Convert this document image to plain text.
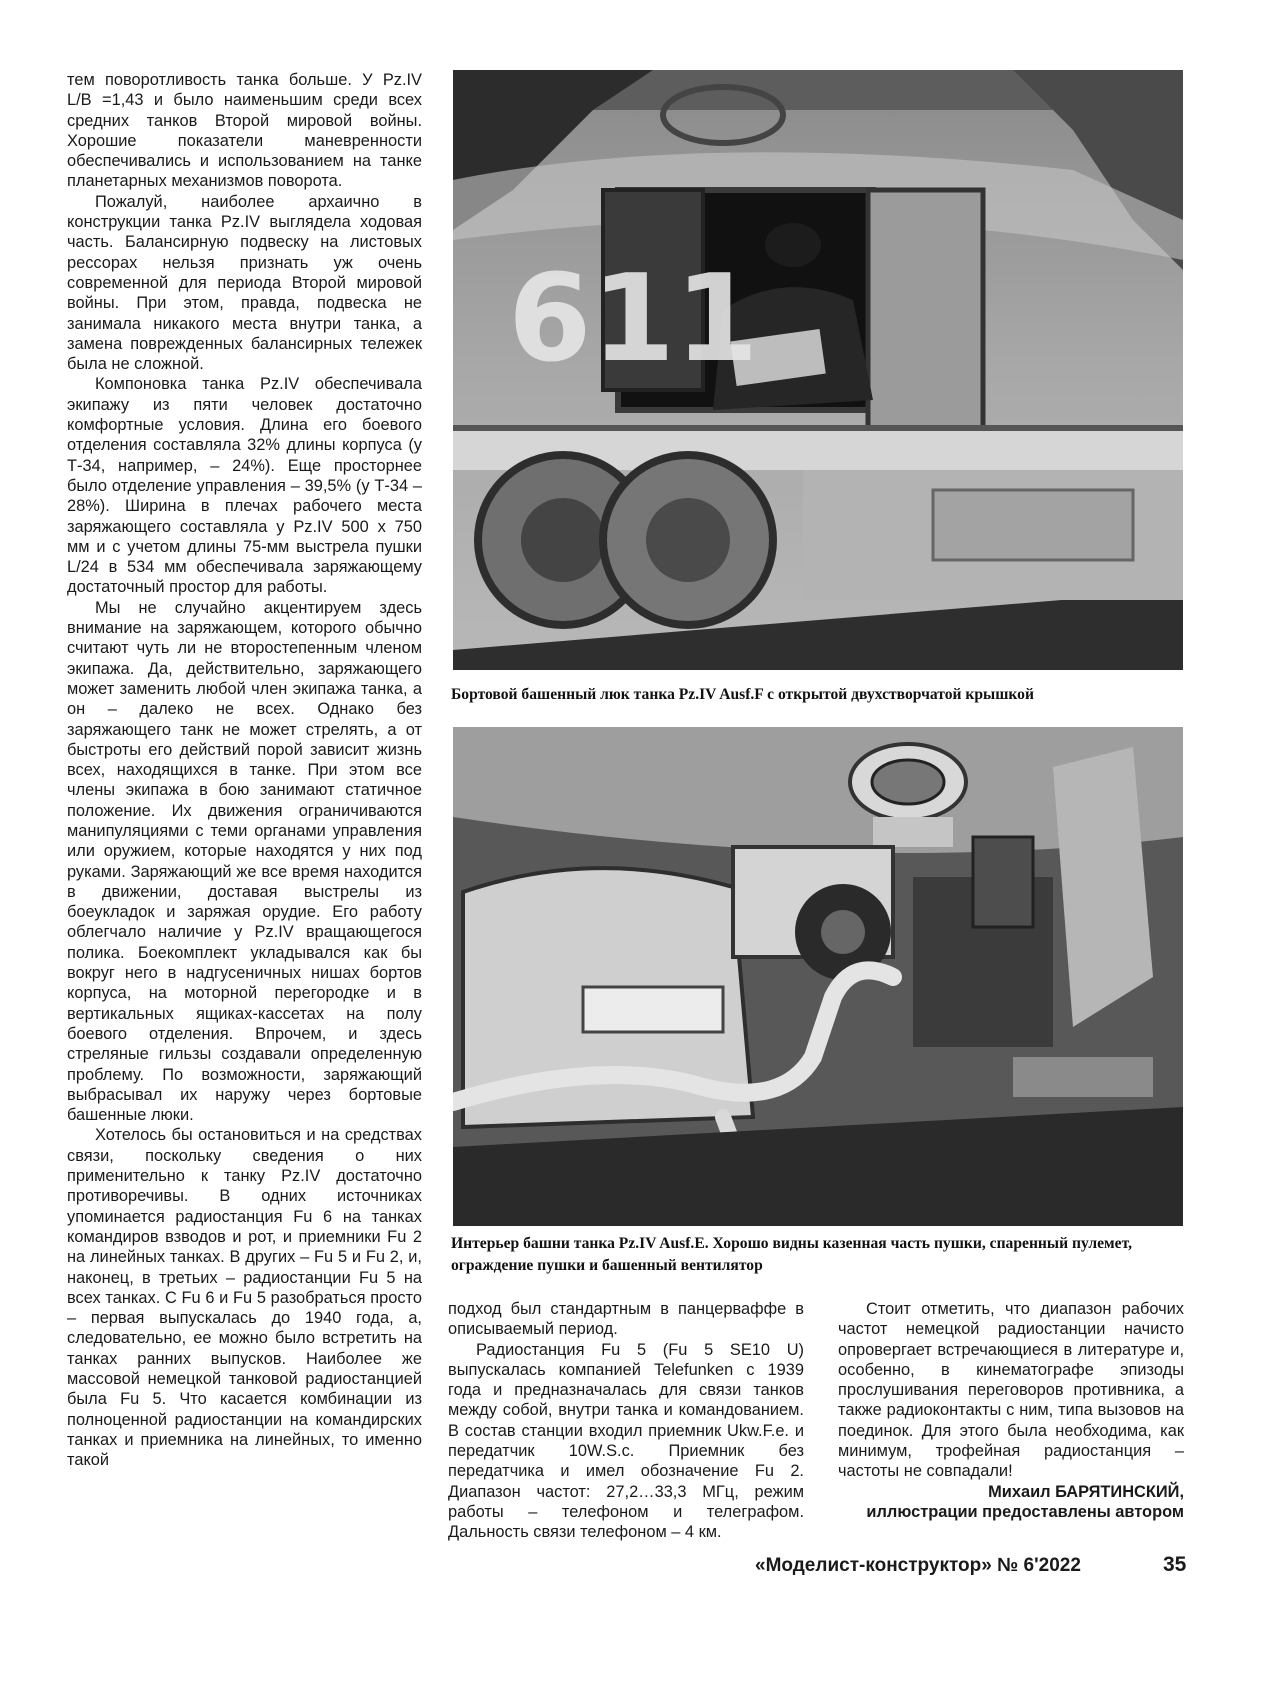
тем поворотливость танка больше. У Pz.IV L/B =1,43 и было наименьшим среди всех средних танков Второй мировой войны. Хорошие показатели маневренности обеспечивались и использованием на танке планетарных механизмов поворота.

Пожалуй, наиболее архаично в конструкции танка Pz.IV выглядела ходовая часть. Балансирную подвеску на листовых рессорах нельзя признать уж очень современной для периода Второй мировой войны. При этом, правда, подвеска не занимала никакого места внутри танка, а замена поврежденных балансирных тележек была не сложной.

Компоновка танка Pz.IV обеспечивала экипажу из пяти человек достаточно комфортные условия. Длина его боевого отделения составляла 32% длины корпуса (у Т-34, например, – 24%). Еще просторнее было отделение управления – 39,5% (у Т-34 – 28%). Ширина в плечах рабочего места заряжающего составляла у Pz.IV 500 x 750 мм и с учетом длины 75-мм выстрела пушки L/24 в 534 мм обеспечивала заряжающему достаточный простор для работы.

Мы не случайно акцентируем здесь внимание на заряжающем, которого обычно считают чуть ли не второстепенным членом экипажа. Да, действительно, заряжающего может заменить любой член экипажа танка, а он – далеко не всех. Однако без заряжающего танк не может стрелять, а от быстроты его действий порой зависит жизнь всех, находящихся в танке. При этом все члены экипажа в бою занимают статичное положение. Их движения ограничиваются манипуляциями с теми органами управления или оружием, которые находятся у них под руками. Заряжающий же все время находится в движении, доставая выстрелы из боеукладок и заряжая орудие. Его работу облегчало наличие у Pz.IV вращающегося полика. Боекомплект укладывался как бы вокруг него в надгусеничных нишах бортов корпуса, на моторной перегородке и в вертикальных ящиках-кассетах на полу боевого отделения. Впрочем, и здесь стреляные гильзы создавали определенную проблему. По возможности, заряжающий выбрасывал их наружу через бортовые башенные люки.

Хотелось бы остановиться и на средствах связи, поскольку сведения о них применительно к танку Pz.IV достаточно противоречивы. В одних источниках упоминается радиостанция Fu 6 на танках командиров взводов и рот, и приемники Fu 2 на линейных танках. В других – Fu 5 и Fu 2, и, наконец, в третьих – радиостанции Fu 5 на всех танках. С Fu 6 и Fu 5 разобраться просто – первая выпускалась до 1940 года, а, следовательно, ее можно было встретить на танках ранних выпусков. Наиболее же массовой немецкой танковой радиостанцией была Fu 5. Что касается комбинации из полноценной радиостанции на командирских танках и приемника на линейных, то именно такой

611
Бортовой башенный люк танка Pz.IV Ausf.F с открытой двухстворчатой крышкой
Интерьер башни танка Pz.IV Ausf.E. Хорошо видны казенная часть пушки, спаренный пулемет, ограждение пушки и башенный вентилятор

подход был стандартным в панцерваффе в описываемый период.

Радиостанция Fu 5 (Fu 5 SE10 U) выпускалась компанией Telefunken с 1939 года и предназначалась для связи танков между собой, внутри танка и командованием. В состав станции входил приемник Ukw.F.e. и передатчик 10W.S.c. Приемник без передатчика и имел обозначение Fu 2. Диапазон частот: 27,2…33,3 МГц, режим работы – телефоном и телеграфом. Дальность связи телефоном – 4 км.

Стоит отметить, что диапазон рабочих частот немецкой радиостанции начисто опровергает встречающиеся в литературе и, особенно, в кинематографе эпизоды прослушивания переговоров противника, а также радиоконтакты с ним, типа вызовов на поединок. Для этого была необходима, как минимум, трофейная радиостанция – частоты не совпадали!

Михаил БАРЯТИНСКИЙ,
иллюстрации предоставлены автором
«Моделист-конструктор» № 6'2022	35
